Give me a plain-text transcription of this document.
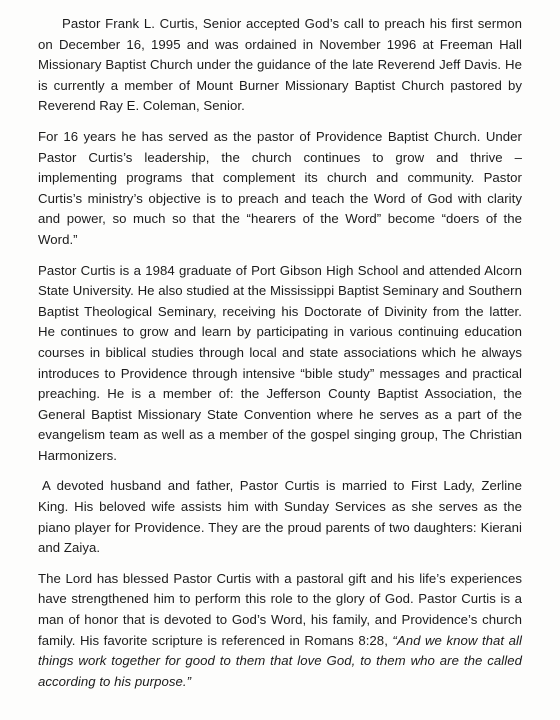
Pastor Frank L. Curtis, Senior accepted God’s call to preach his first sermon on December 16, 1995 and was ordained in November 1996 at Freeman Hall Missionary Baptist Church under the guidance of the late Reverend Jeff Davis. He is currently a member of Mount Burner Missionary Baptist Church pastored by Reverend Ray E. Coleman, Senior.

For 16 years he has served as the pastor of Providence Baptist Church. Under Pastor Curtis’s leadership, the church continues to grow and thrive – implementing programs that complement its church and community. Pastor Curtis’s ministry’s objective is to preach and teach the Word of God with clarity and power, so much so that the “hearers of the Word” become “doers of the Word.”

Pastor Curtis is a 1984 graduate of Port Gibson High School and attended Alcorn State University. He also studied at the Mississippi Baptist Seminary and Southern Baptist Theological Seminary, receiving his Doctorate of Divinity from the latter. He continues to grow and learn by participating in various continuing education courses in biblical studies through local and state associations which he always introduces to Providence through intensive “bible study” messages and practical preaching. He is a member of: the Jefferson County Baptist Association, the General Baptist Missionary State Convention where he serves as a part of the evangelism team as well as a member of the gospel singing group, The Christian Harmonizers.

A devoted husband and father, Pastor Curtis is married to First Lady, Zerline King. His beloved wife assists him with Sunday Services as she serves as the piano player for Providence. They are the proud parents of two daughters: Kierani and Zaiya.

The Lord has blessed Pastor Curtis with a pastoral gift and his life’s experiences have strengthened him to perform this role to the glory of God. Pastor Curtis is a man of honor that is devoted to God’s Word, his family, and Providence’s church family. His favorite scripture is referenced in Romans 8:28, “And we know that all things work together for good to them that love God, to them who are the called according to his purpose.”
